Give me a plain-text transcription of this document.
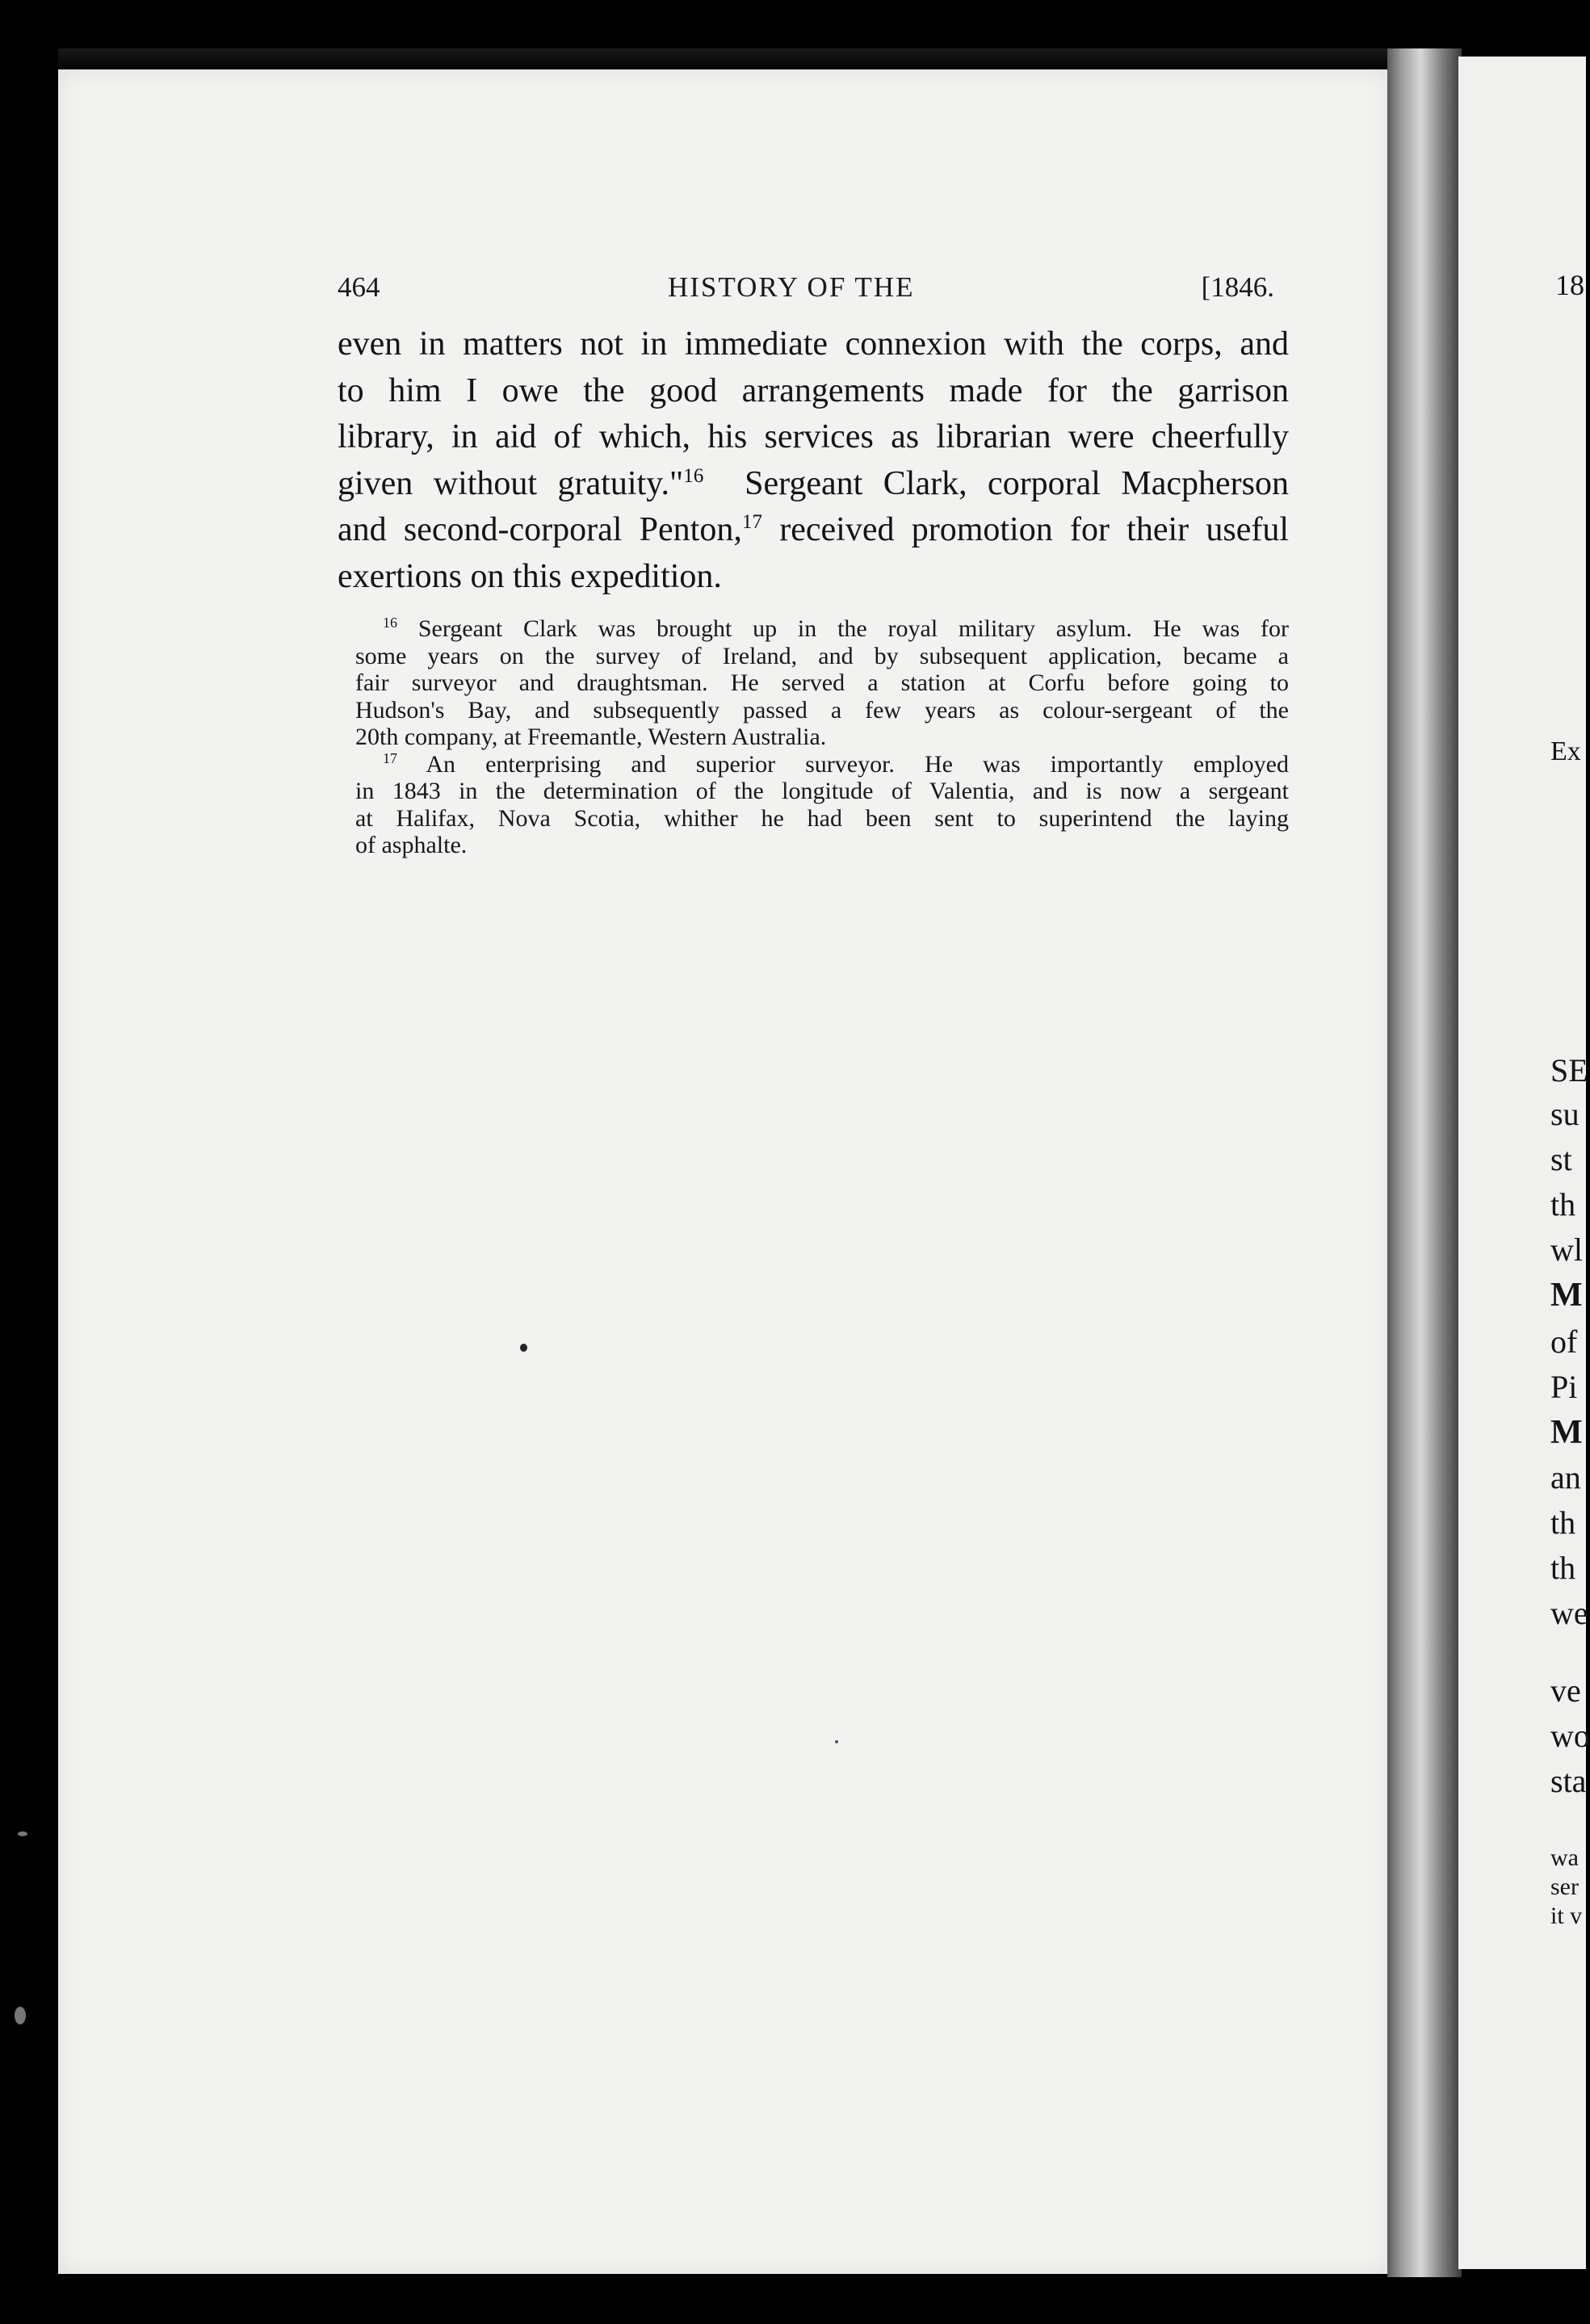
464	HISTORY OF THE	[1846.
even in matters not in immediate connexion with the corps, and
to him I owe the good arrangements made for the garrison
library, in aid of which, his services as librarian were cheerfully
given without gratuity."$^{16}$ Sergeant Clark, corporal Macpherson
and second-corporal Penton,$^{17}$ received promotion for their useful
exertions on this expedition.
$^{16}$ Sergeant Clark was brought up in the royal military asylum. He was for
some years on the survey of Ireland, and by subsequent application, became a
fair surveyor and draughtsman. He served a station at Corfu before going to
Hudson's Bay, and subsequently passed a few years as colour-sergeant of the
20th company, at Freemantle, Western Australia.
$^{17}$ An enterprising and superior surveyor. He was importantly employed
in 1843 in the determination of the longitude of Valentia, and is now a sergeant
at Halifax, Nova Scotia, whither he had been sent to superintend the laying
of asphalte.
18
Ex
SE
su
st
th
wl
M
of
Pi
M
an
th
th
we
ve
wo
sta
wa
ser
it v
